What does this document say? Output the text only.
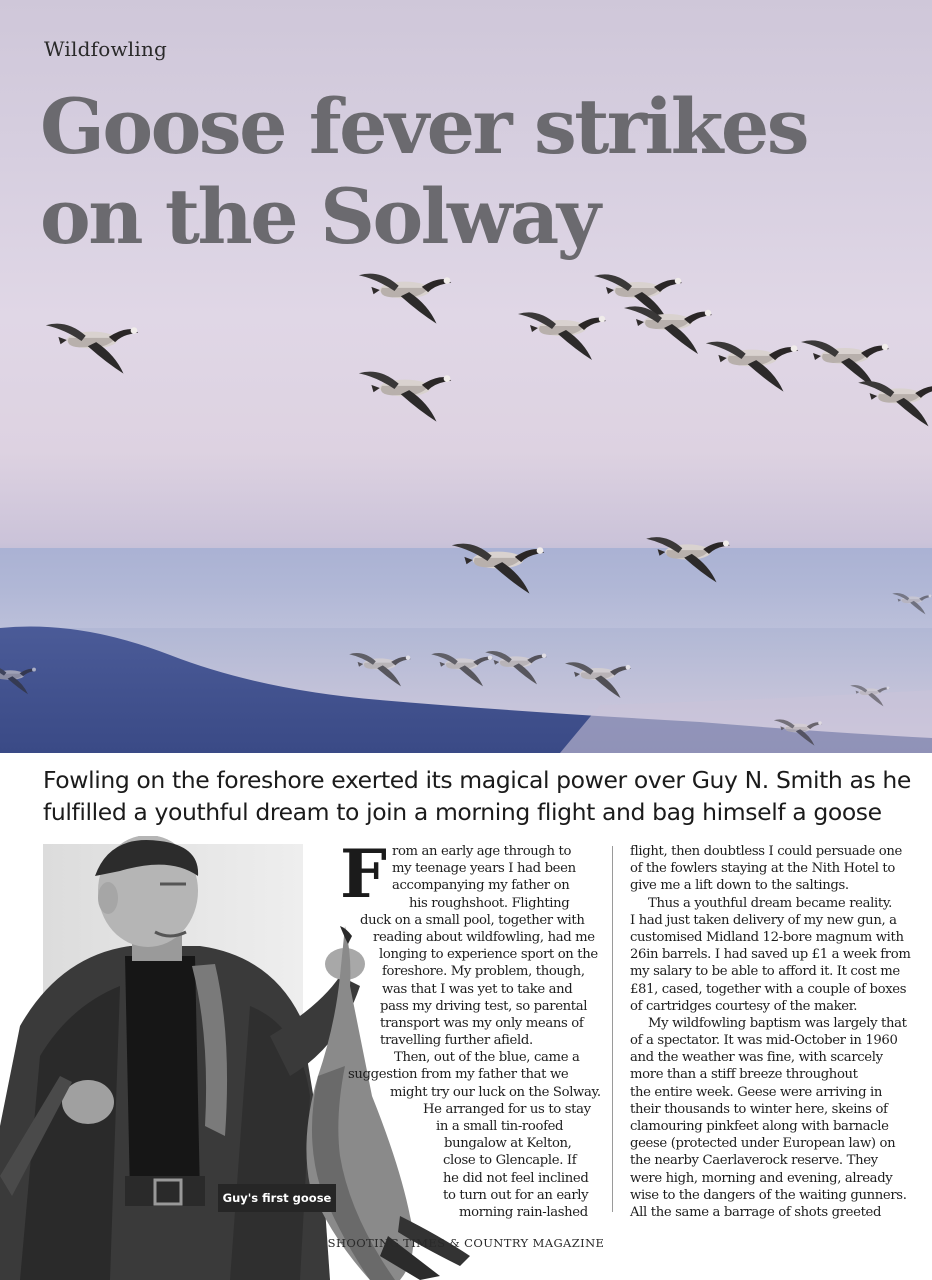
Wildfowling
Goose fever strikes
on the Solway

Fowling on the foreshore exerted its magical power over Guy N. Smith as he
fulfilled a youthful dream to join a morning flight and bag himself a goose

Guy's first goose
F rom an early age through to
my teenage years I had been
accompanying my father on
his roughshoot. Flighting
duck on a small pool, together with
reading about wildfowling, had me
longing to experience sport on the
foreshore. My problem, though,
was that I was yet to take and
pass my driving test, so parental
transport was my only means of
travelling further afield.
Then, out of the blue, came a
suggestion from my father that we
might try our luck on the Solway.
He arranged for us to stay
in a small tin-roofed
bungalow at Kelton,
close to Glencaple. If
he did not feel inclined
to turn out for an early
morning rain-lashed
flight, then doubtless I could persuade one
of the fowlers staying at the Nith Hotel to
give me a lift down to the saltings.
Thus a youthful dream became reality.
I had just taken delivery of my new gun, a
customised Midland 12-bore magnum with
26in barrels. I had saved up £1 a week from
my salary to be able to afford it. It cost me
£81, cased, together with a couple of boxes
of cartridges courtesy of the maker.
My wildfowling baptism was largely that
of a spectator. It was mid-October in 1960
and the weather was fine, with scarcely
more than a stiff breeze throughout
the entire week. Geese were arriving in
their thousands to winter here, skeins of
clamouring pinkfeet along with barnacle
geese (protected under European law) on
the nearby Caerlaverock reserve. They
were high, morning and evening, already
wise to the dangers of the waiting gunners.
All the same a barrage of shots greeted
SHOOTING TIMES & COUNTRY MAGAZINE
